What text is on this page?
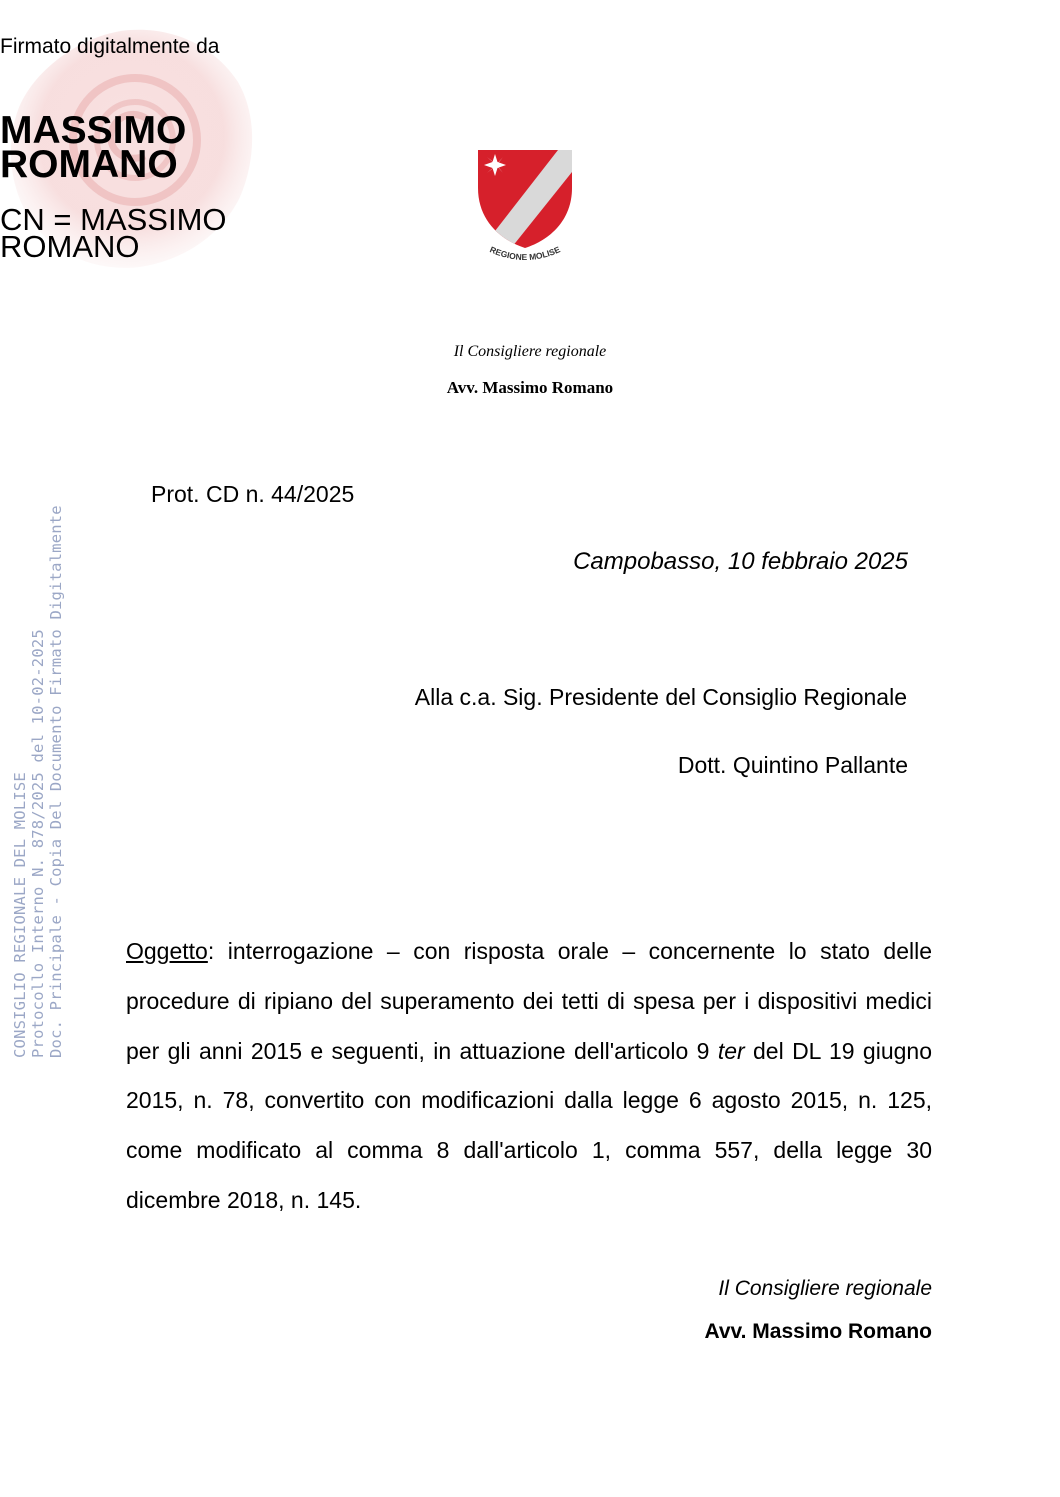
Firmato digitalmente da
MASSIMO
ROMANO
CN = MASSIMO
ROMANO	REGIONE MOLISE
Il Consigliere regionale
Avv. Massimo Romano
CONSIGLIO REGIONALE DEL MOLISE Protocollo Interno N. 878/2025 del 10-02-2025 Doc. Principale - Copia Del Documento Firmato Digitalmente
Prot. CD n. 44/2025
Campobasso, 10 febbraio 2025
Alla c.a. Sig. Presidente del Consiglio Regionale
Dott. Quintino Pallante
Oggetto: interrogazione – con risposta orale – concernente lo stato delle procedure di ripiano del superamento dei tetti di spesa per i dispositivi medici per gli anni 2015 e seguenti, in attuazione dell'articolo 9 ter del DL 19 giugno 2015, n. 78, convertito con modificazioni dalla legge 6 agosto 2015, n. 125, come modificato al comma 8 dall'articolo 1, comma 557, della legge 30 dicembre 2018, n. 145.
Il Consigliere regionale
Avv. Massimo Romano
